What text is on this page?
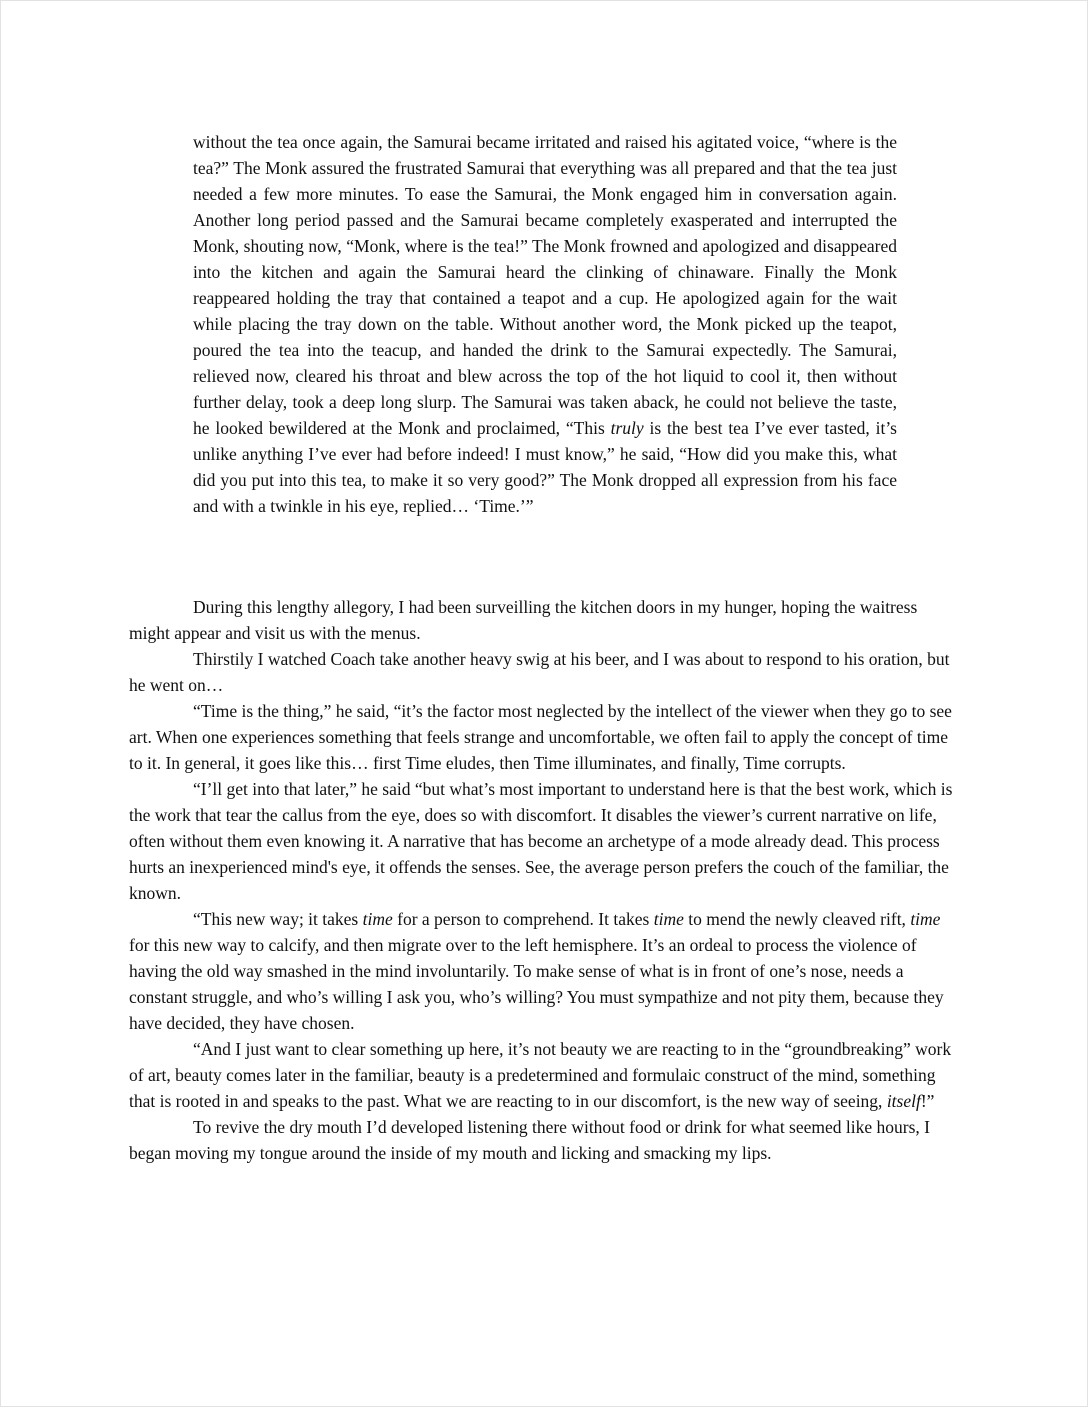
without the tea once again, the Samurai became irritated and raised his agitated voice, “where is the tea?” The Monk assured the frustrated Samurai that everything was all prepared and that the tea just needed a few more minutes. To ease the Samurai, the Monk engaged him in conversation again. Another long period passed and the Samurai became completely exasperated and interrupted the Monk, shouting now, “Monk, where is the tea!” The Monk frowned and apologized and disappeared into the kitchen and again the Samurai heard the clinking of chinaware. Finally the Monk reappeared holding the tray that contained a teapot and a cup. He apologized again for the wait while placing the tray down on the table. Without another word, the Monk picked up the teapot, poured the tea into the teacup, and handed the drink to the Samurai expectedly. The Samurai, relieved now, cleared his throat and blew across the top of the hot liquid to cool it, then without further delay, took a deep long slurp. The Samurai was taken aback, he could not believe the taste, he looked bewildered at the Monk and proclaimed, “This truly is the best tea I’ve ever tasted, it’s unlike anything I’ve ever had before indeed! I must know,” he said, “How did you make this, what did you put into this tea, to make it so very good?” The Monk dropped all expression from his face and with a twinkle in his eye, replied… ‘Time.’”

During this lengthy allegory, I had been surveilling the kitchen doors in my hunger, hoping the waitress might appear and visit us with the menus.

Thirstily I watched Coach take another heavy swig at his beer, and I was about to respond to his oration, but he went on…

“Time is the thing,” he said, “it’s the factor most neglected by the intellect of the viewer when they go to see art. When one experiences something that feels strange and uncomfortable, we often fail to apply the concept of time to it. In general, it goes like this… first Time eludes, then Time illuminates, and finally, Time corrupts.

“I’ll get into that later,” he said “but what’s most important to understand here is that the best work, which is the work that tear the callus from the eye, does so with discomfort. It disables the viewer’s current narrative on life, often without them even knowing it. A narrative that has become an archetype of a mode already dead. This process hurts an inexperienced mind's eye, it offends the senses. See, the average person prefers the couch of the familiar, the known.

“This new way; it takes time for a person to comprehend. It takes time to mend the newly cleaved rift, time for this new way to calcify, and then migrate over to the left hemisphere. It’s an ordeal to process the violence of having the old way smashed in the mind involuntarily. To make sense of what is in front of one’s nose, needs a constant struggle, and who’s willing I ask you, who’s willing? You must sympathize and not pity them, because they have decided, they have chosen.

“And I just want to clear something up here, it’s not beauty we are reacting to in the “groundbreaking” work of art, beauty comes later in the familiar, beauty is a predetermined and formulaic construct of the mind, something that is rooted in and speaks to the past. What we are reacting to in our discomfort, is the new way of seeing, itself!”

To revive the dry mouth I’d developed listening there without food or drink for what seemed like hours, I began moving my tongue around the inside of my mouth and licking and smacking my lips.
